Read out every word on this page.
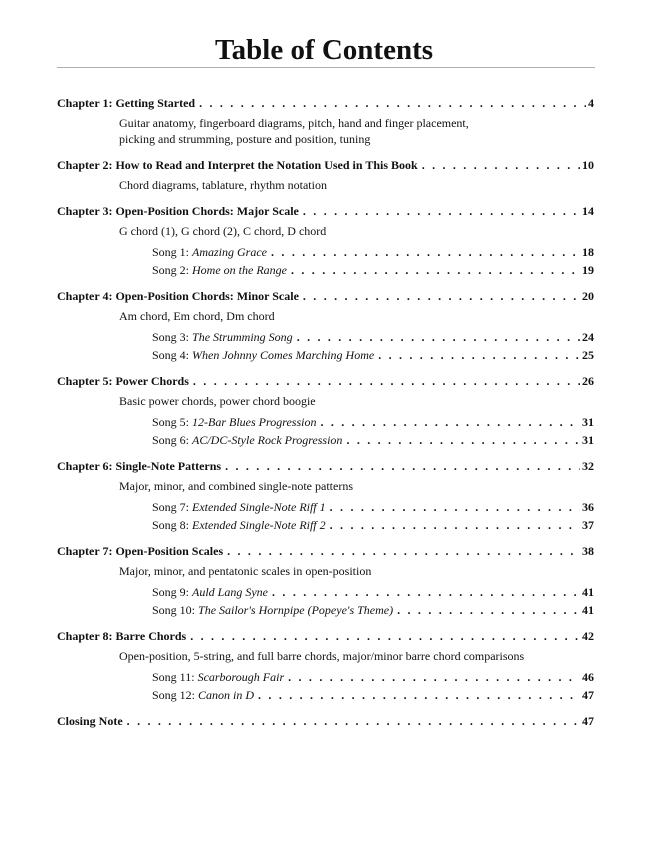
Table of Contents
Chapter 1: Getting Started . . .	4
Guitar anatomy, fingerboard diagrams, pitch, hand and finger placement,
picking and strumming, posture and position, tuning
Chapter 2: How to Read and Interpret the Notation Used in This Book . . .	10
Chord diagrams, tablature, rhythm notation
Chapter 3: Open-Position Chords: Major Scale . . .	14
G chord (1), G chord (2), C chord, D chord
Song 1: Amazing Grace . . .	18
Song 2: Home on the Range . . .	19
Chapter 4: Open-Position Chords: Minor Scale . . .	20
Am chord, Em chord, Dm chord
Song 3: The Strumming Song . . .	24
Song 4: When Johnny Comes Marching Home . . .	25
Chapter 5: Power Chords . . .	26
Basic power chords, power chord boogie
Song 5: 12-Bar Blues Progression . . .	31
Song 6: AC/DC-Style Rock Progression . . .	31
Chapter 6: Single-Note Patterns . . .	32
Major, minor, and combined single-note patterns
Song 7: Extended Single-Note Riff 1 . . .	36
Song 8: Extended Single-Note Riff 2 . . .	37
Chapter 7: Open-Position Scales . . .	38
Major, minor, and pentatonic scales in open-position
Song 9: Auld Lang Syne . . .	41
Song 10: The Sailor's Hornpipe (Popeye's Theme) . . .	41
Chapter 8: Barre Chords . . .	42
Open-position, 5-string, and full barre chords, major/minor barre chord comparisons
Song 11: Scarborough Fair . . .	46
Song 12: Canon in D . . .	47
Closing Note . . .	47
